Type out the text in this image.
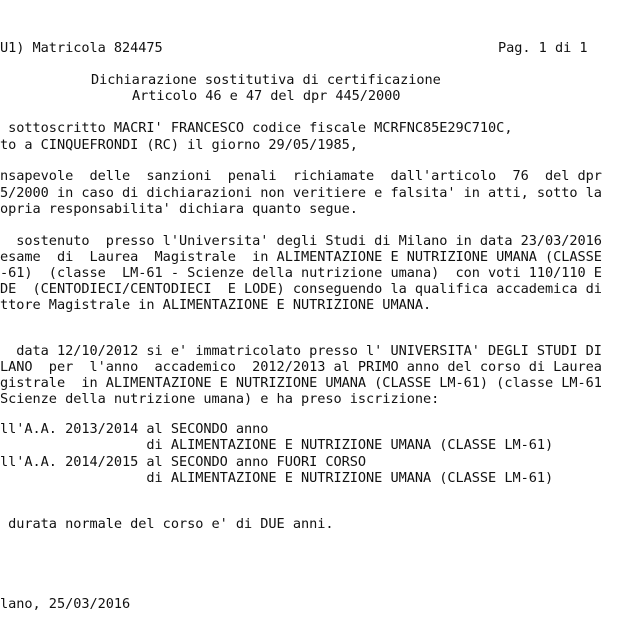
U1) Matricola 824475	Pag. 1 di 1
Dichiarazione sostitutiva di certificazione
Articolo 46 e 47 del dpr 445/2000
sottoscritto MACRI' FRANCESCO codice fiscale MCRFNC85E29C710C,
to a CINQUEFRONDI (RC) il giorno 29/05/1985,
nsapevole  delle  sanzioni  penali  richiamate  dall'articolo  76  del dpr
5/2000 in caso di dichiarazioni non veritiere e falsita' in atti, sotto la
opria responsabilita' dichiara quanto segue.
sostenuto  presso l'Universita' degli Studi di Milano in data 23/03/2016
esame  di  Laurea  Magistrale  in ALIMENTAZIONE E NUTRIZIONE UMANA (CLASSE
-61)  (classe  LM-61 - Scienze della nutrizione umana)  con voti 110/110 E
DE  (CENTODIECI/CENTODIECI  E LODE) conseguendo la qualifica accademica di
ttore Magistrale in ALIMENTAZIONE E NUTRIZIONE UMANA.
data 12/10/2012 si e' immatricolato presso l' UNIVERSITA' DEGLI STUDI DI
LANO  per  l'anno  accademico  2012/2013 al PRIMO anno del corso di Laurea
gistrale  in ALIMENTAZIONE E NUTRIZIONE UMANA (CLASSE LM-61) (classe LM-61
Scienze della nutrizione umana) e ha preso iscrizione:
ll'A.A. 2013/2014 al SECONDO anno
di ALIMENTAZIONE E NUTRIZIONE UMANA (CLASSE LM-61)
ll'A.A. 2014/2015 al SECONDO anno FUORI CORSO
di ALIMENTAZIONE E NUTRIZIONE UMANA (CLASSE LM-61)
durata normale del corso e' di DUE anni.
lano, 25/03/2016
